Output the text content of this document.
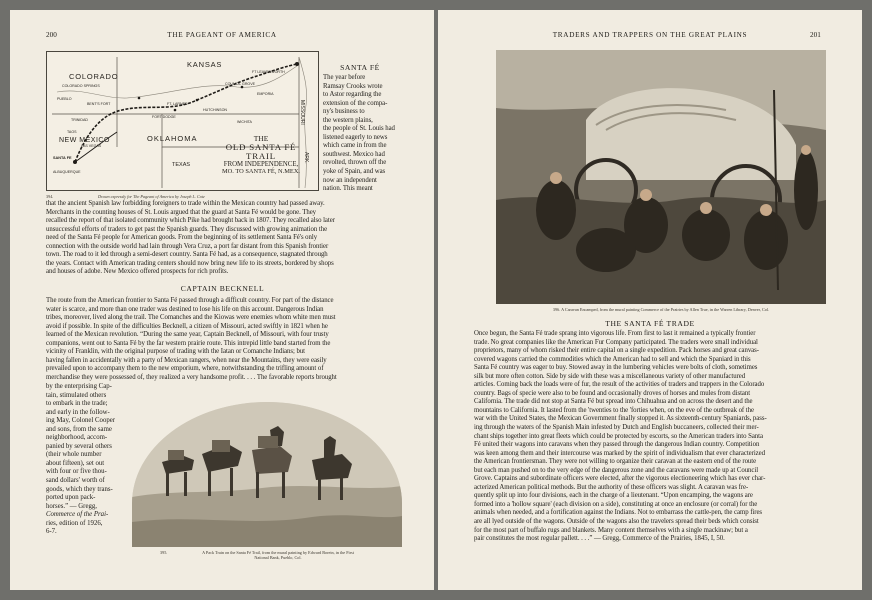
200	THE PAGEANT OF AMERICA
COLORADO
KANSAS
NEW MEXICO	OKLAHOMA
TEXAS
MISSOURI
ARK.
COLORADO SPRINGS
PUEBLO
BENT'S FORT
TRINIDAD
FT. LARNED
FORT DODGE
HUTCHINSON
WICHITA
EMPORIA
COUNCIL GROVE
FT LEAVENWORTH
SANTA FE
LAS VEGAS
TAOS
ALBUQUERQUE
THE
OLD SANTA FÉ
TRAIL
FROM INDEPENDENCE,
MO. TO SANTA FÉ, N.MEX.
394.	Drawn expressly for The Pageant of America by Joseph L. Cote
SANTA FÉ
The year before
Ramsay Crooks wrote
to Astor regarding the
extension of the compa-
ny's business to
the western plains,
the people of St. Louis had
listened eagerly to news
which came in from the
southwest. Mexico had
revolted, thrown off the
yoke of Spain, and was
now an independent
nation. This meant
that the ancient Spanish law forbidding foreigners to trade within the Mexican country had passed away.
Merchants in the counting houses of St. Louis argued that the guard at Santa Fé would be gone. They
recalled the report of that isolated community which Pike had brought back in 1807. They recalled also later
unsuccessful efforts of traders to get past the Spanish guards. They discussed with growing animation the
need of the Santa Fé people for American goods. From the beginning of its settlement Santa Fé's only
connection with the outside world had lain through Vera Cruz, a port far distant from this Spanish frontier
town. The road to it led through a semi-desert country. Santa Fé had, as a consequence, stagnated through
the years. Contact with American trading centers should now bring new life to its streets, bordered by shops
and houses of adobe. New Mexico offered prospects for rich profits.
CAPTAIN BECKNELL
The route from the American frontier to Santa Fé passed through a difficult country. For part of the distance
water is scarce, and more than one trader was destined to lose his life on this account. Dangerous Indian
tribes, moreover, lived along the trail. The Comanches and the Kiowas were enemies whom white men must
avoid if possible. In spite of the difficulties Becknell, a citizen of Missouri, acted swiftly in 1821 when he
learned of the Mexican revolution. “During the same year, Captain Becknell, of Missouri, with four trusty
companions, went out to Santa Fé by the far western prairie route. This intrepid little band started from the
vicinity of Franklin, with the original purpose of trading with the Iatan or Comanche Indians; but
having fallen in accidentally with a party of Mexican rangers, when near the Mountains, they were easily
prevailed upon to accompany them to the new emporium, where, notwithstanding the trifling amount of
merchandise they were possessed of, they realized a very handsome profit. . . . The favorable reports brought
by the enterprising Cap-
tain, stimulated others
to embark in the trade;
and early in the follow-
ing May, Colonel Cooper
and sons, from the same
neighborhood, accom-
panied by several others
(their whole number
about fifteen), set out
with four or five thou-
sand dollars' worth of
goods, which they trans-
ported upon pack-
horses.” — Gregg,
Commerce of the Prai-
ries, edition of 1926,
6-7.
395.	A Pack Train on the Santa Fé Trail, from the mural painting by Edward Borein, in the First
National Bank, Pueblo, Col.
TRADERS AND TRAPPERS ON THE GREAT PLAINS	201
396. A Caravan Encamped, from the mural painting Commerce of the Prairies by Allen True, in the Warren Library, Denver, Col.
THE SANTA FÉ TRADE
Once begun, the Santa Fé trade sprang into vigorous life. From first to last it remained a typically frontier
trade. No great companies like the American Fur Company participated. The traders were small individual
proprietors, many of whom risked their entire capital on a single expedition. Pack horses and great canvas-
covered wagons carried the commodities which the American had to sell and which the Spaniard in this
Santa Fé country was eager to buy. Stowed away in the lumbering vehicles were bolts of cloth, sometimes
silk but more often cotton. Side by side with these was a miscellaneous variety of other manufactured
articles. Coming back the loads were of fur, the result of the activities of traders and trappers in the Colorado
country. Bags of specie were also to be found and occasionally droves of horses and mules from distant
California. The trade did not stop at Santa Fé but spread into Chihuahua and on across the desert and the
mountains to California. It lasted from the 'twenties to the 'forties when, on the eve of the outbreak of the
war with the United States, the Mexican Government finally stopped it. As sixteenth-century Spaniards, pass-
ing through the waters of the Spanish Main infested by Dutch and English buccaneers, collected their mer-
chant ships together into great fleets which could be protected by escorts, so the American traders into Santa
Fé united their wagons into caravans when they passed through the dangerous Indian country. Competition
was keen among them and their intercourse was marked by the spirit of individualism that ever characterized
the American frontiersman. They were not willing to organize their caravan at the eastern end of the route
but each man pushed on to the very edge of the dangerous zone and the caravans were made up at Council
Grove. Captains and subordinate officers were elected, after the vigorous electioneering which has ever char-
acterized American political methods. But the authority of these officers was slight. A caravan was fre-
quently split up into four divisions, each in the charge of a lieutenant. “Upon encamping, the wagons are
formed into a 'hollow square' (each division on a side), constituting at once an enclosure (or corral) for the
animals when needed, and a fortification against the Indians. Not to embarrass the cattle-pen, the camp fires
are all lyed outside of the wagons. Outside of the wagons also the travelers spread their beds which consist
for the most part of buffalo rugs and blankets. Many content themselves with a single mackinaw; but a
pair constitutes the most regular pallett. . . .” — Gregg, Commerce of the Prairies, 1845, I, 50.
